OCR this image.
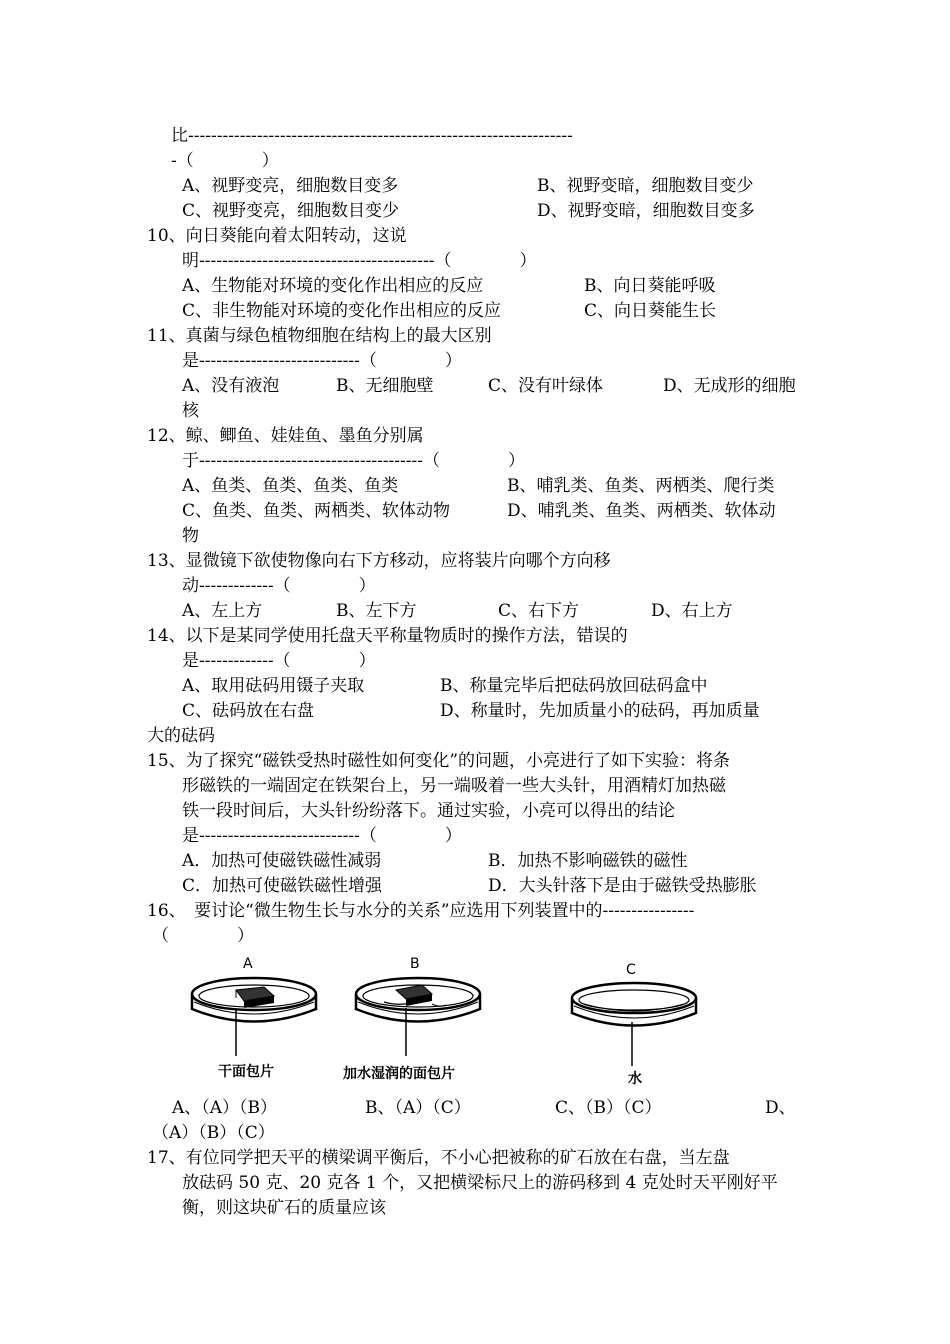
比-------------------------------------------------------------------
-（　　　　）
A、视野变亮，细胞数目变多	B、视野变暗，细胞数目变少
C、视野变亮，细胞数目变少	D、视野变暗，细胞数目变多
10、向日葵能向着太阳转动，这说
明-----------------------------------------（　　　　）
A、生物能对环境的变化作出相应的反应	B、向日葵能呼吸
C、非生物能对环境的变化作出相应的反应	C、向日葵能生长
11、真菌与绿色植物细胞在结构上的最大区别
是----------------------------（　　　　）
A、没有液泡	B、无细胞壁	C、没有叶绿体	D、无成形的细胞
核
12、鲸、鲫鱼、娃娃鱼、墨鱼分别属
于---------------------------------------（　　　　）
A、鱼类、鱼类、鱼类、鱼类	B、哺乳类、鱼类、两栖类、爬行类
C、鱼类、鱼类、两栖类、软体动物	D、哺乳类、鱼类、两栖类、软体动
物
13、显微镜下欲使物像向右下方移动，应将装片向哪个方向移
动-------------（　　　　）
A、左上方	B、左下方	C、右下方	D、右上方
14、以下是某同学使用托盘天平称量物质时的操作方法，错误的
是-------------（　　　　）
A、取用砝码用镊子夹取	B、称量完毕后把砝码放回砝码盒中
C、砝码放在右盘	D、称量时，先加质量小的砝码，再加质量
大的砝码
15、为了探究“磁铁受热时磁性如何变化”的问题，小亮进行了如下实验：将条
形磁铁的一端固定在铁架台上，另一端吸着一些大头针，用酒精灯加热磁
铁一段时间后，大头针纷纷落下。通过实验，小亮可以得出的结论
是----------------------------（　　　　）
A．加热可使磁铁磁性减弱	B．加热不影响磁铁的磁性
C．加热可使磁铁磁性增强	D．大头针落下是由于磁铁受热膨胀
16、　要讨论“微生物生长与水分的关系”应选用下列装置中的----------------
（　　　　）
A
干面包片
B
加水湿润的面包片
C
水
A、（A）（B）	B、（A）（C）	C、（B）（C）	D、
（A）（B）（C）
17、有位同学把天平的横梁调平衡后，不小心把被称的矿石放在右盘，当左盘
放砝码 50 克、20 克各 1 个，又把横梁标尺上的游码移到 4 克处时天平刚好平
衡，则这块矿石的质量应该
